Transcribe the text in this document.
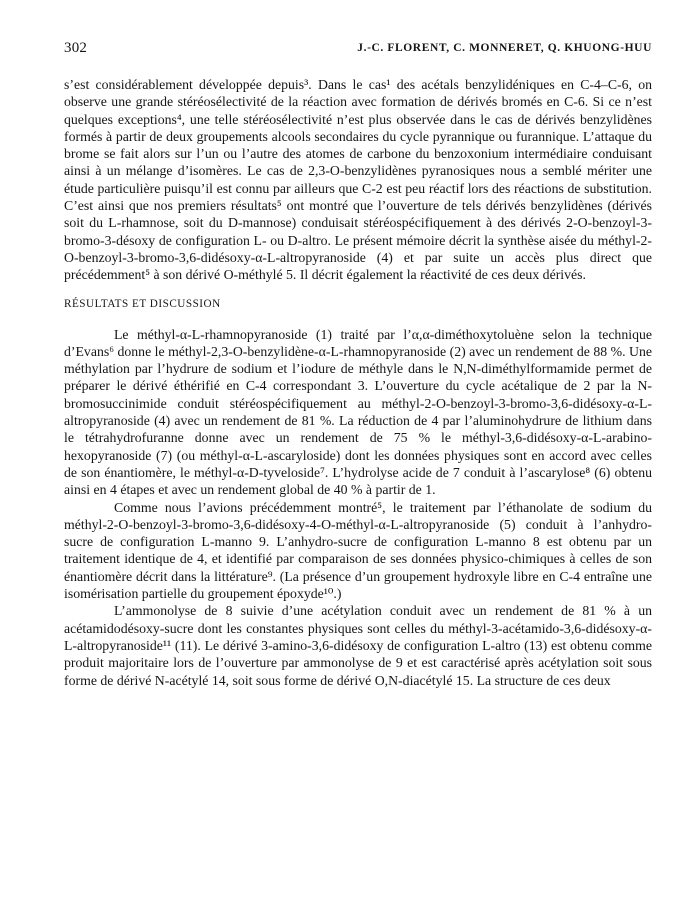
302	J.-C. FLORENT, C. MONNERET, Q. KHUONG-HUU

s’est considérablement développée depuis³. Dans le cas¹ des acétals benzylidéniques en C-4–C-6, on observe une grande stéréosélectivité de la réaction avec formation de dérivés bromés en C-6. Si ce n’est quelques exceptions⁴, une telle stéréosélectivité n’est plus observée dans le cas de dérivés benzylidènes formés à partir de deux groupements alcools secondaires du cycle pyrannique ou furannique. L’attaque du brome se fait alors sur l’un ou l’autre des atomes de carbone du benzoxonium intermédiaire conduisant ainsi à un mélange d’isomères. Le cas de 2,3-O-benzylidènes pyranosiques nous a semblé mériter une étude particulière puisqu’il est connu par ailleurs que C-2 est peu réactif lors des réactions de substitution. C’est ainsi que nos premiers résultats⁵ ont montré que l’ouverture de tels dérivés benzylidènes (dérivés soit du L-rhamnose, soit du D-mannose) conduisait stéréospécifiquement à des dérivés 2-O-benzoyl-3-bromo-3-désoxy de configuration L- ou D-altro. Le présent mémoire décrit la synthèse aisée du méthyl-2-O-benzoyl-3-bromo-3,6-didésoxy-α-L-altropyranoside (4) et par suite un accès plus direct que précédemment⁵ à son dérivé O-méthylé 5. Il décrit également la réactivité de ces deux dérivés.

RÉSULTATS ET DISCUSSION

Le méthyl-α-L-rhamnopyranoside (1) traité par l’α,α-diméthoxytoluène selon la technique d’Evans⁶ donne le méthyl-2,3-O-benzylidène-α-L-rhamnopyranoside (2) avec un rendement de 88 %. Une méthylation par l’hydrure de sodium et l’iodure de méthyle dans le N,N-diméthylformamide permet de préparer le dérivé éthérifié en C-4 correspondant 3. L’ouverture du cycle acétalique de 2 par la N-bromosuccinimide conduit stéréospécifiquement au méthyl-2-O-benzoyl-3-bromo-3,6-didésoxy-α-L-altropyranoside (4) avec un rendement de 81 %. La réduction de 4 par l’aluminohydrure de lithium dans le tétrahydrofuranne donne avec un rendement de 75 % le méthyl-3,6-didésoxy-α-L-arabino-hexopyranoside (7) (ou méthyl-α-L-ascaryloside) dont les données physiques sont en accord avec celles de son énantiomère, le méthyl-α-D-tyveloside⁷. L’hydrolyse acide de 7 conduit à l’ascarylose⁸ (6) obtenu ainsi en 4 étapes et avec un rendement global de 40 % à partir de 1.

Comme nous l’avions précédemment montré⁵, le traitement par l’éthanolate de sodium du méthyl-2-O-benzoyl-3-bromo-3,6-didésoxy-4-O-méthyl-α-L-altropyranoside (5) conduit à l’anhydro-sucre de configuration L-manno 9. L’anhydro-sucre de configuration L-manno 8 est obtenu par un traitement identique de 4, et identifié par comparaison de ses données physico-chimiques à celles de son énantiomère décrit dans la littérature⁹. (La présence d’un groupement hydroxyle libre en C-4 entraîne une isomérisation partielle du groupement époxyde¹⁰.)

L’ammonolyse de 8 suivie d’une acétylation conduit avec un rendement de 81 % à un acétamidodésoxy-sucre dont les constantes physiques sont celles du méthyl-3-acétamido-3,6-didésoxy-α-L-altropyranoside¹¹ (11). Le dérivé 3-amino-3,6-didésoxy de configuration L-altro (13) est obtenu comme produit majoritaire lors de l’ouverture par ammonolyse de 9 et est caractérisé après acétylation soit sous forme de dérivé N-acétylé 14, soit sous forme de dérivé O,N-diacétylé 15. La structure de ces deux
